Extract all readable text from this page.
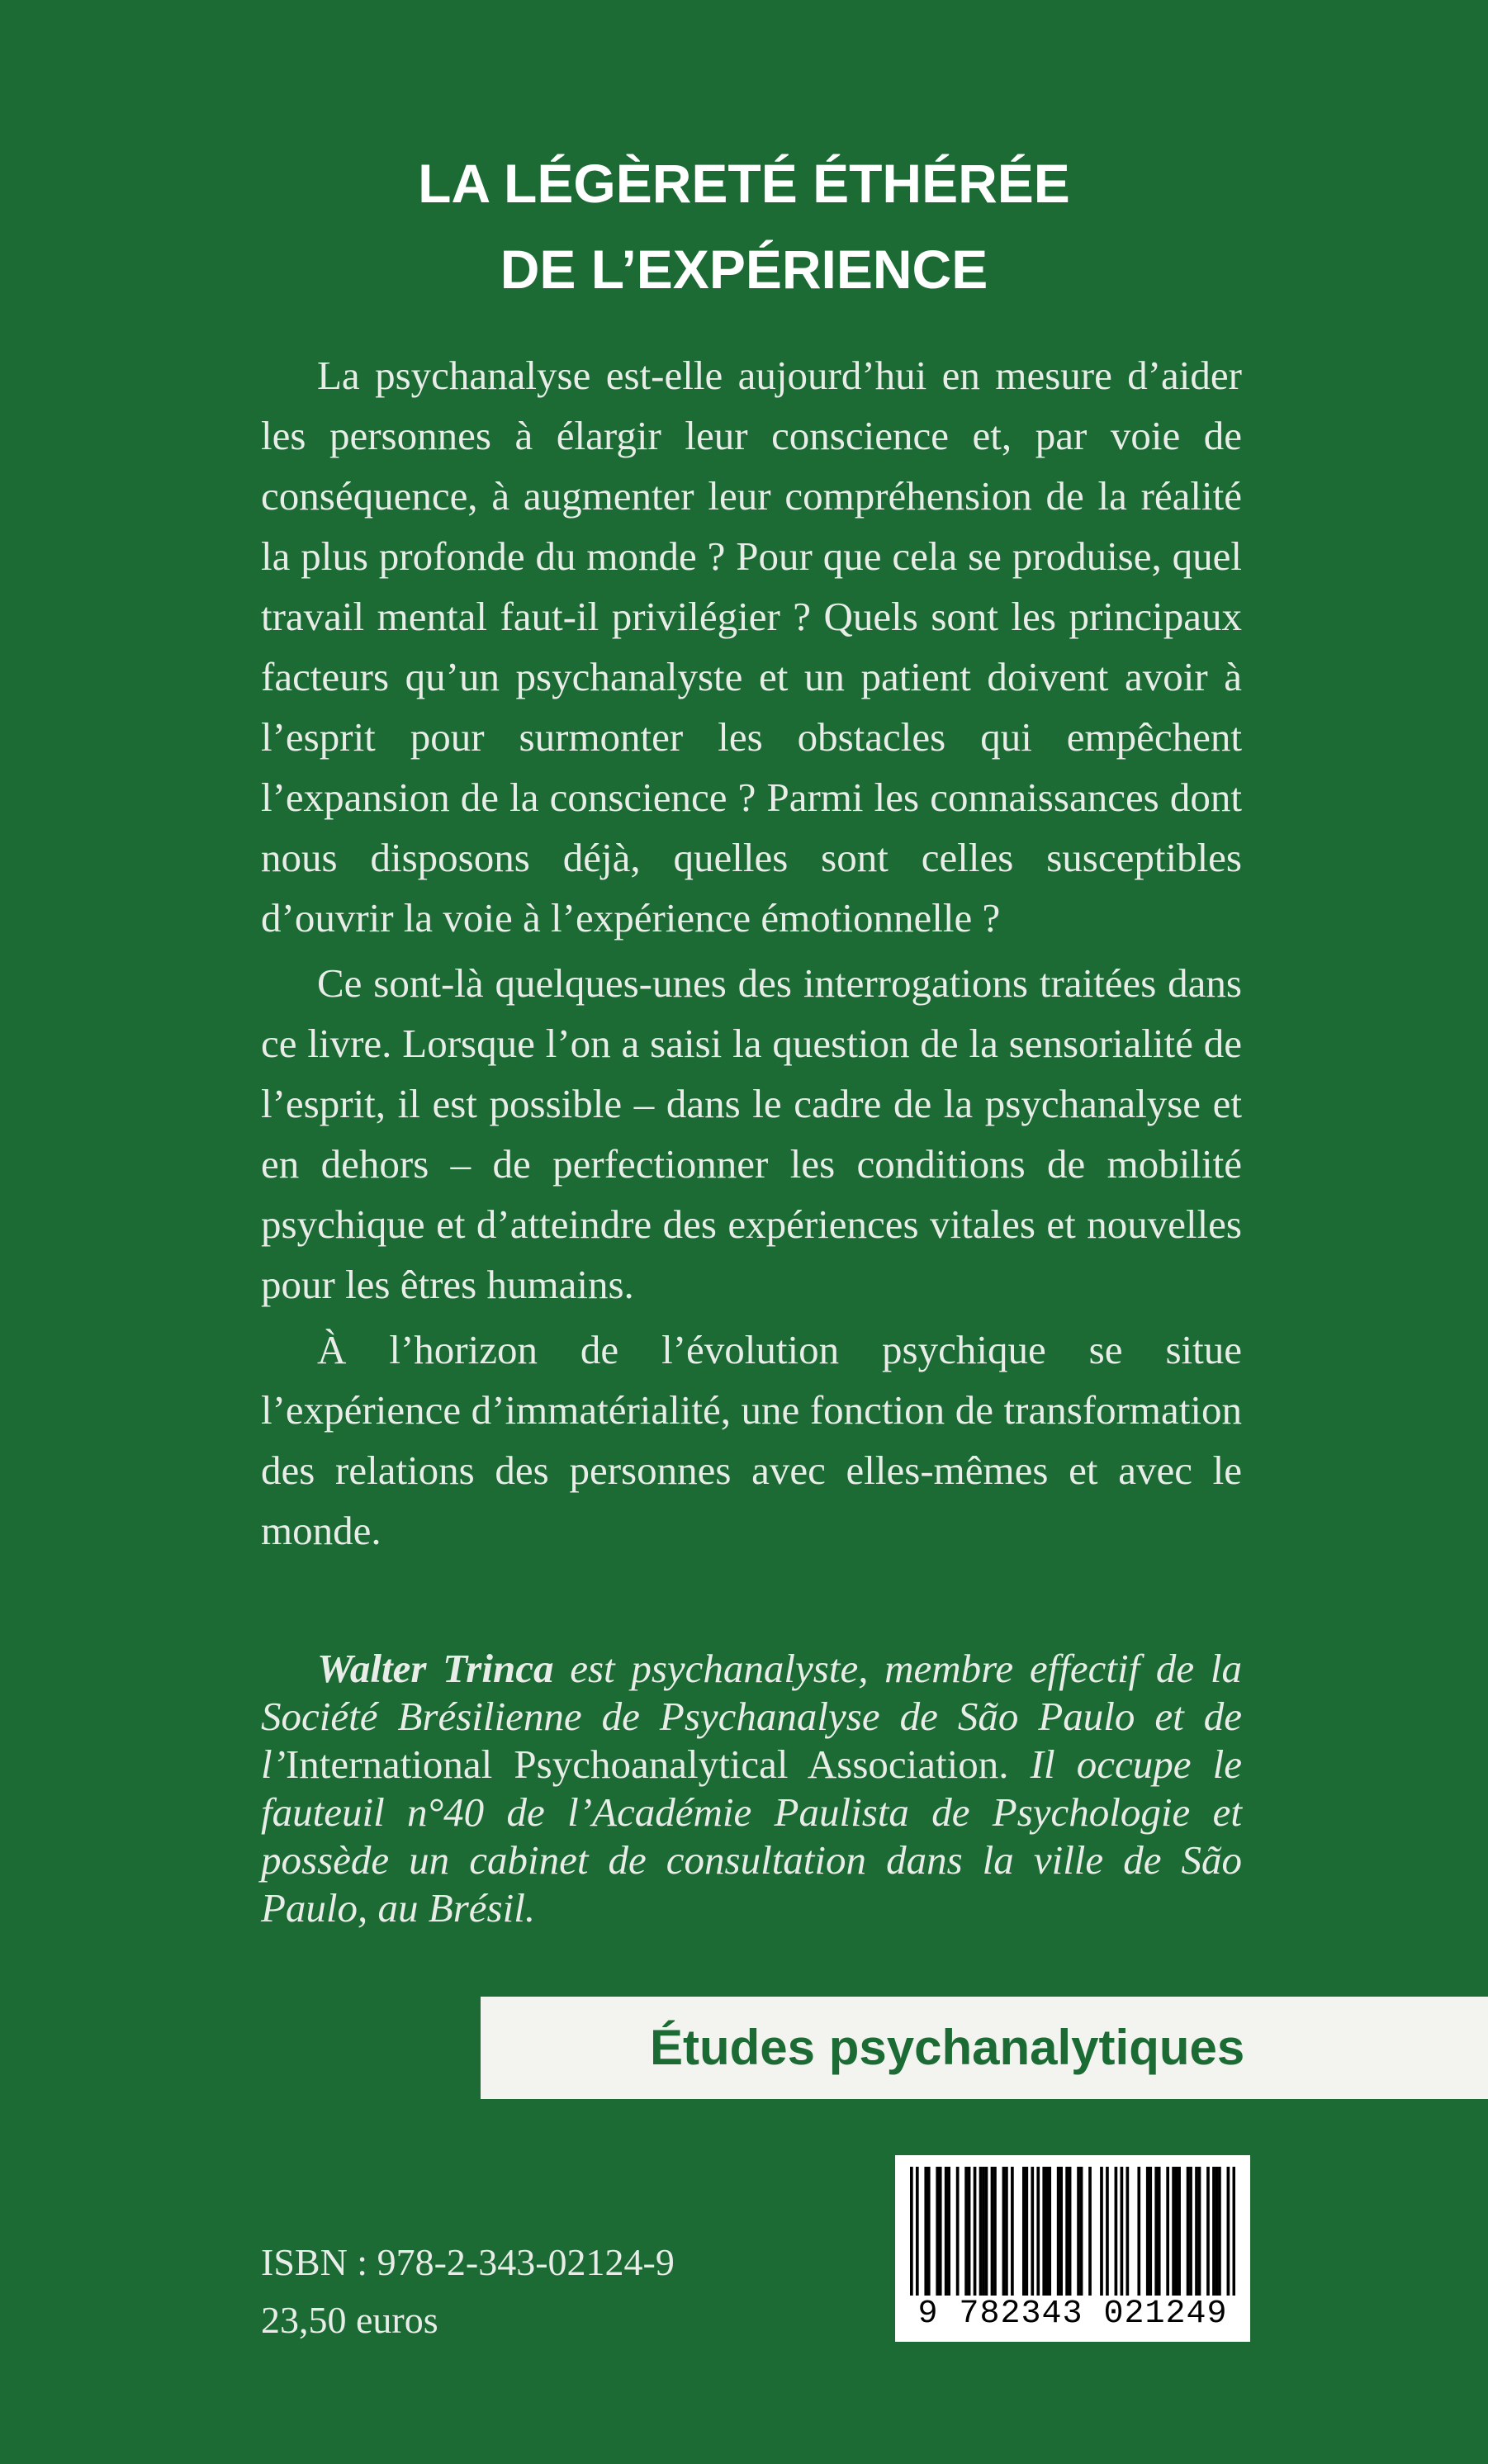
LA LÉGÈRETÉ ÉTHÉRÉE
DE L’EXPÉRIENCE

La psychanalyse est-elle aujourd’hui en mesure d’aider les personnes à élargir leur conscience et, par voie de conséquence, à augmenter leur compréhension de la réalité la plus profonde du monde ? Pour que cela se produise, quel travail mental faut-il privilégier ? Quels sont les principaux facteurs qu’un psychanalyste et un patient doivent avoir à l’esprit pour surmonter les obstacles qui empêchent l’expansion de la conscience ? Parmi les connaissances dont nous disposons déjà, quelles sont celles susceptibles d’ouvrir la voie à l’expérience émotionnelle ?

Ce sont-là quelques-unes des interrogations traitées dans ce livre. Lorsque l’on a saisi la question de la sensorialité de l’esprit, il est possible – dans le cadre de la psychanalyse et en dehors – de perfectionner les conditions de mobilité psychique et d’atteindre des expériences vitales et nouvelles pour les êtres humains.

À l’horizon de l’évolution psychique se situe l’expérience d’immatérialité, une fonction de transformation des relations des personnes avec elles-mêmes et avec le monde.

Walter Trinca est psychanalyste, membre effectif de la Société Brésilienne de Psychanalyse de São Paulo et de l’International Psychoanalytical Association. Il occupe le fauteuil n°40 de l’Académie Paulista de Psychologie et possède un cabinet de consultation dans la ville de São Paulo, au Brésil.
Études psychanalytiques
ISBN : 978-2-343-02124-9
23,50 euros	9 782343 021249
